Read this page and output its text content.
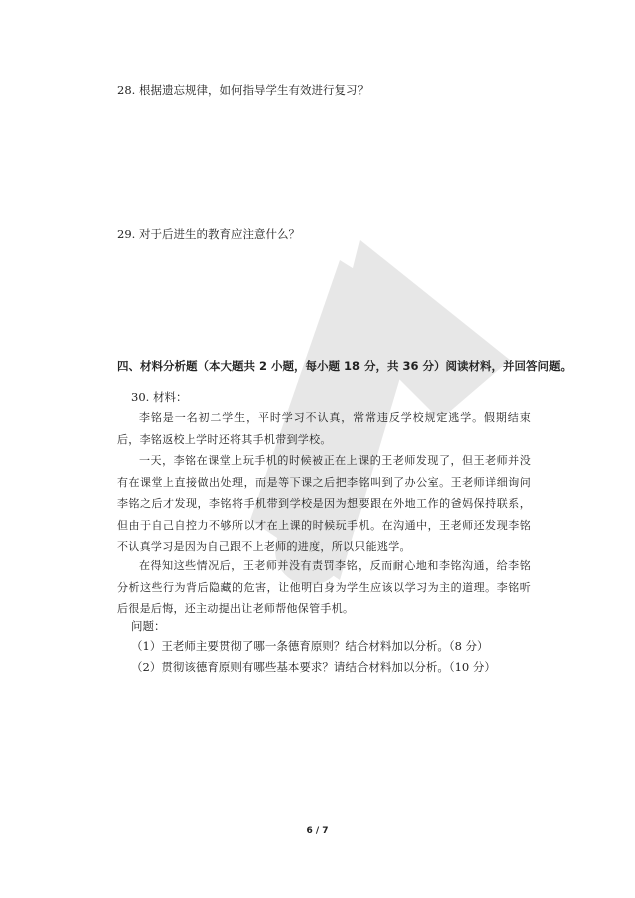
28. 根据遗忘规律，如何指导学生有效进行复习？
29. 对于后进生的教育应注意什么？
四、材料分析题（本大题共 2 小题，每小题 18 分，共 36 分）阅读材料，并回答问题。
30. 材料：
李铭是一名初二学生，平时学习不认真，常常违反学校规定逃学。假期结束后，李铭返校上学时还将其手机带到学校。
一天，李铭在课堂上玩手机的时候被正在上课的王老师发现了，但王老师并没有在课堂上直接做出处理，而是等下课之后把李铭叫到了办公室。王老师详细询问李铭之后才发现，李铭将手机带到学校是因为想要跟在外地工作的爸妈保持联系，但由于自己自控力不够所以才在上课的时候玩手机。在沟通中，王老师还发现李铭不认真学习是因为自己跟不上老师的进度，所以只能逃学。
在得知这些情况后，王老师并没有责罚李铭，反而耐心地和李铭沟通，给李铭分析这些行为背后隐藏的危害，让他明白身为学生应该以学习为主的道理。李铭听后很是后悔，还主动提出让老师帮他保管手机。
问题：
（1）王老师主要贯彻了哪一条德育原则？结合材料加以分析。（8 分）
（2）贯彻该德育原则有哪些基本要求？请结合材料加以分析。（10 分）
6 / 7
